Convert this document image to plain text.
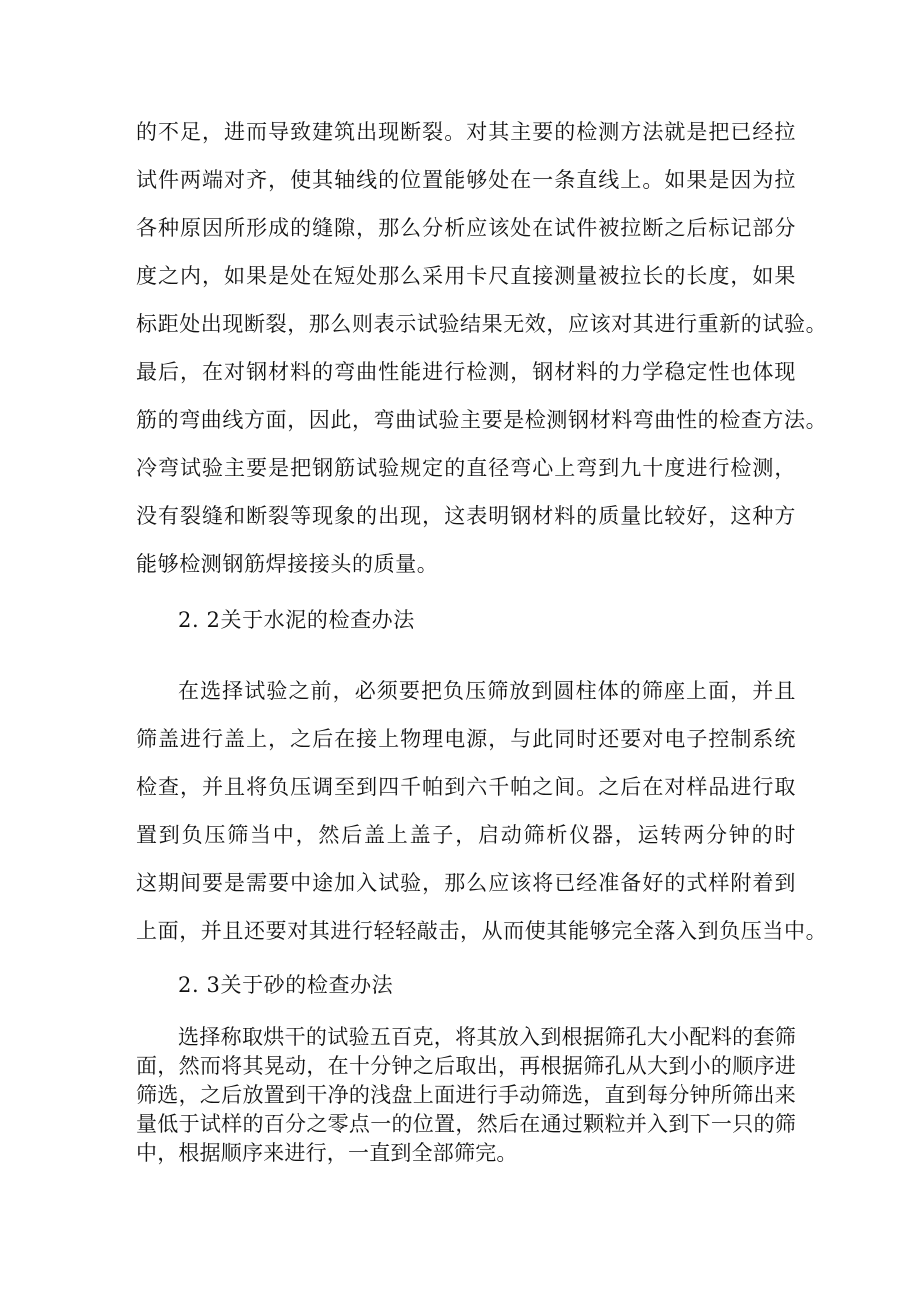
的不足，进而导致建筑出现断裂。对其主要的检测方法就是把已经拉
试件两端对齐，使其轴线的位置能够处在一条直线上。如果是因为拉
各种原因所形成的缝隙，那么分析应该处在试件被拉断之后标记部分
度之内，如果是处在短处那么采用卡尺直接测量被拉长的长度，如果
标距处出现断裂，那么则表示试验结果无效，应该对其进行重新的试验。
最后，在对钢材料的弯曲性能进行检测，钢材料的力学稳定性也体现
筋的弯曲线方面，因此，弯曲试验主要是检测钢材料弯曲性的检查方法。
冷弯试验主要是把钢筋试验规定的直径弯心上弯到九十度进行检测，
没有裂缝和断裂等现象的出现，这表明钢材料的质量比较好，这种方
能够检测钢筋焊接接头的质量。
2. 2关于水泥的检查办法
在选择试验之前，必须要把负压筛放到圆柱体的筛座上面，并且
筛盖进行盖上，之后在接上物理电源，与此同时还要对电子控制系统
检查，并且将负压调至到四千帕到六千帕之间。之后在对样品进行取
置到负压筛当中，然后盖上盖子，启动筛析仪器，运转两分钟的时
这期间要是需要中途加入试验，那么应该将已经准备好的式样附着到
上面，并且还要对其进行轻轻敲击，从而使其能够完全落入到负压当中。
2. 3关于砂的检查办法
选择称取烘干的试验五百克，将其放入到根据筛孔大小配料的套筛
面，然而将其晃动，在十分钟之后取出，再根据筛孔从大到小的顺序进
筛选，之后放置到干净的浅盘上面进行手动筛选，直到每分钟所筛出来
量低于试样的百分之零点一的位置，然后在通过颗粒并入到下一只的筛
中，根据顺序来进行，一直到全部筛完。
